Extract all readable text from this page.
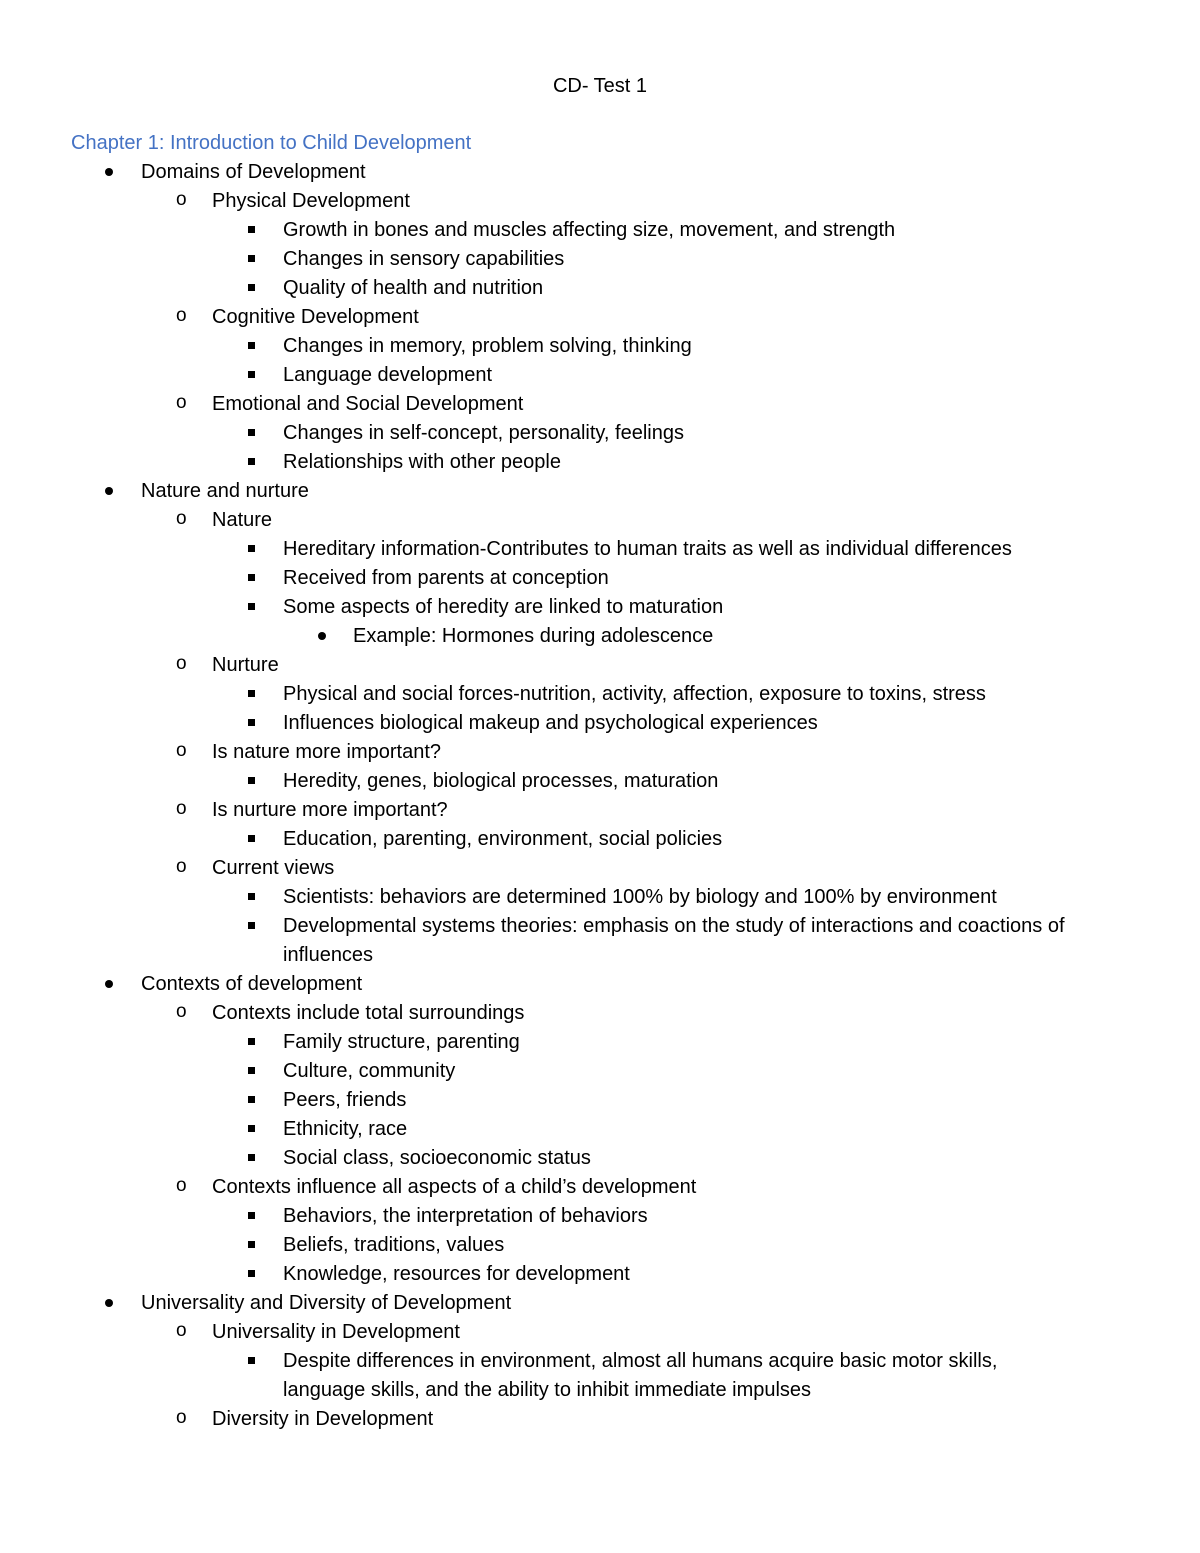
CD- Test 1
Chapter 1: Introduction to Child Development
Domains of Development
o Physical Development
Growth in bones and muscles affecting size, movement, and strength
Changes in sensory capabilities
Quality of health and nutrition
o Cognitive Development
Changes in memory, problem solving, thinking
Language development
o Emotional and Social Development
Changes in self-concept, personality, feelings
Relationships with other people
Nature and nurture
o Nature
Hereditary information-Contributes to human traits as well as individual differences
Received from parents at conception
Some aspects of heredity are linked to maturation
Example: Hormones during adolescence
o Nurture
Physical and social forces-nutrition, activity, affection, exposure to toxins, stress
Influences biological makeup and psychological experiences
o Is nature more important?
Heredity, genes, biological processes, maturation
o Is nurture more important?
Education, parenting, environment, social policies
o Current views
Scientists: behaviors are determined 100% by biology and 100% by environment
Developmental systems theories: emphasis on the study of interactions and coactions of
influences
Contexts of development
o Contexts include total surroundings
Family structure, parenting
Culture, community
Peers, friends
Ethnicity, race
Social class, socioeconomic status
o Contexts influence all aspects of a child’s development
Behaviors, the interpretation of behaviors
Beliefs, traditions, values
Knowledge, resources for development
Universality and Diversity of Development
o Universality in Development
Despite differences in environment, almost all humans acquire basic motor skills,
language skills, and the ability to inhibit immediate impulses
o Diversity in Development
